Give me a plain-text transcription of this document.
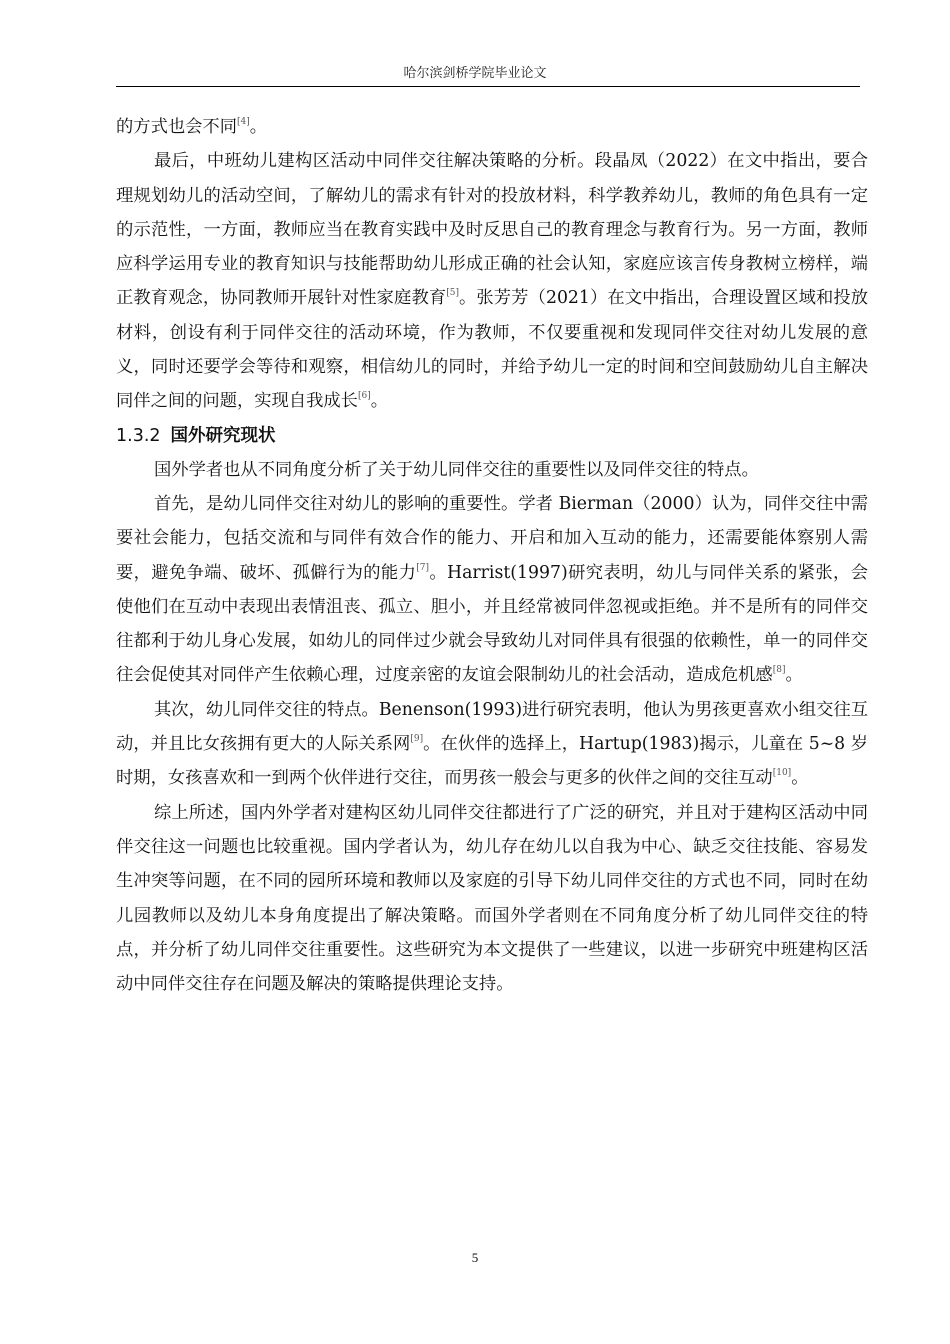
哈尔滨剑桥学院毕业论文

的方式也会不同[4]。

最后，中班幼儿建构区活动中同伴交往解决策略的分析。段晶凤（2022）在文中指出，要合理规划幼儿的活动空间，了解幼儿的需求有针对的投放材料，科学教养幼儿，教师的角色具有一定的示范性，一方面，教师应当在教育实践中及时反思自己的教育理念与教育行为。另一方面，教师应科学运用专业的教育知识与技能帮助幼儿形成正确的社会认知，家庭应该言传身教树立榜样，端正教育观念，协同教师开展针对性家庭教育[5]。张芳芳（2021）在文中指出，合理设置区域和投放材料，创设有利于同伴交往的活动环境，作为教师，不仅要重视和发现同伴交往对幼儿发展的意义，同时还要学会等待和观察，相信幼儿的同时，并给予幼儿一定的时间和空间鼓励幼儿自主解决同伴之间的问题，实现自我成长[6]。

1.3.2 国外研究现状

国外学者也从不同角度分析了关于幼儿同伴交往的重要性以及同伴交往的特点。

首先，是幼儿同伴交往对幼儿的影响的重要性。学者 Bierman（2000）认为，同伴交往中需要社会能力，包括交流和与同伴有效合作的能力、开启和加入互动的能力，还需要能体察别人需要，避免争端、破坏、孤僻行为的能力[7]。Harrist(1997)研究表明，幼儿与同伴关系的紧张，会使他们在互动中表现出表情沮丧、孤立、胆小，并且经常被同伴忽视或拒绝。并不是所有的同伴交往都利于幼儿身心发展，如幼儿的同伴过少就会导致幼儿对同伴具有很强的依赖性，单一的同伴交往会促使其对同伴产生依赖心理，过度亲密的友谊会限制幼儿的社会活动，造成危机感[8]。

其次，幼儿同伴交往的特点。Benenson(1993)进行研究表明，他认为男孩更喜欢小组交往互动，并且比女孩拥有更大的人际关系网[9]。在伙伴的选择上，Hartup(1983)揭示，儿童在 5~8 岁时期，女孩喜欢和一到两个伙伴进行交往，而男孩一般会与更多的伙伴之间的交往互动[10]。

综上所述，国内外学者对建构区幼儿同伴交往都进行了广泛的研究，并且对于建构区活动中同伴交往这一问题也比较重视。国内学者认为，幼儿存在幼儿以自我为中心、缺乏交往技能、容易发生冲突等问题，在不同的园所环境和教师以及家庭的引导下幼儿同伴交往的方式也不同，同时在幼儿园教师以及幼儿本身角度提出了解决策略。而国外学者则在不同角度分析了幼儿同伴交往的特点，并分析了幼儿同伴交往重要性。这些研究为本文提供了一些建议，以进一步研究中班建构区活动中同伴交往存在问题及解决的策略提供理论支持。

5
